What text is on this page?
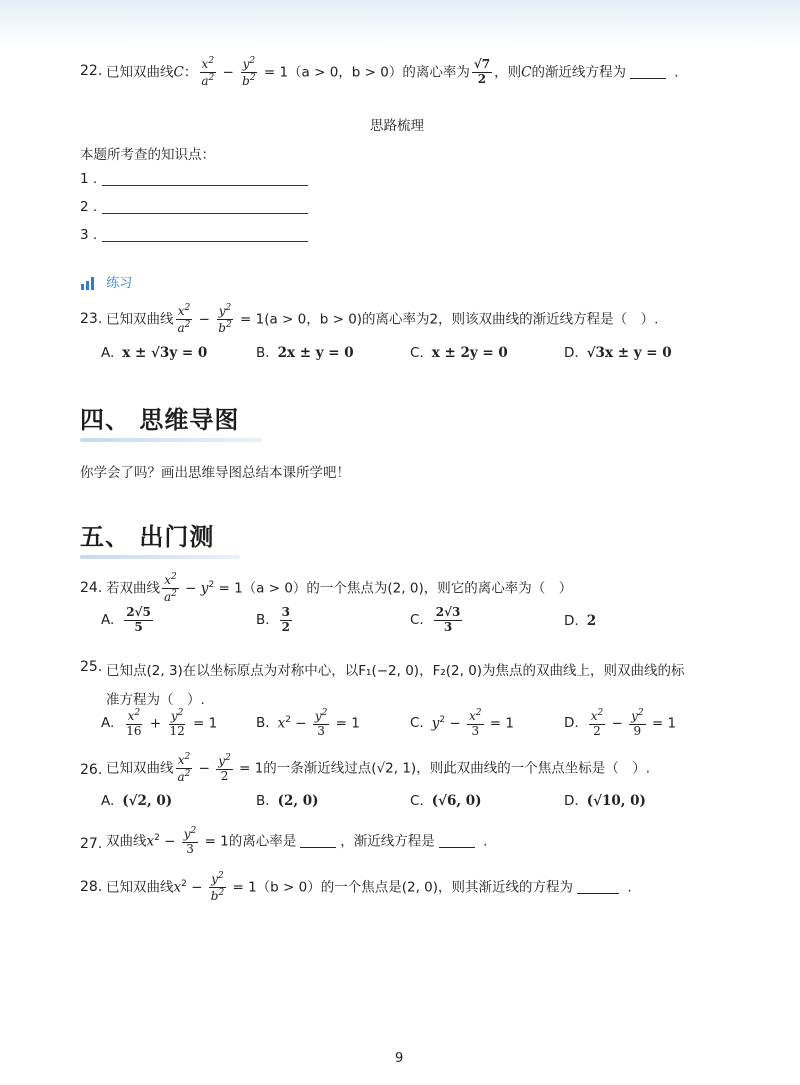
22. 已知双曲线C： $\frac{x^2}{a^2} - \frac{y^2}{b^2} = 1(a > 0$，b > 0）的离心率为 $\frac{√7}{2}$ ，则C的渐近线方程为	.
思路梳理
本题所考查的知识点：
1 .
2 .
3 .
练习
23. 已知双曲线 $\frac{x^2}{a^2} - \frac{y^2}{b^2} = 1(a > 0$，b > 0)的离心率为2，则该双曲线的渐近线方程是（　）.
A. x ± √3y = 0	B. 2x ± y = 0	C. x ± 2y = 0	D. √3x ± y = 0
四、 思维导图
你学会了吗？画出思维导图总结本课所学吧！
五、 出门测
24. 若双曲线 $\frac{x^2}{a^2} - y^2 = 1(a > 0)$的一个焦点为(2, 0)，则它的离心率为（　）
A. $\frac{2√5}{5}$	B. $\frac{3}{2}$	C. $\frac{2√3}{3}$	D. 2
25. 已知点(2, 3)在以坐标原点为对称中心，以F₁(−2, 0)，F₂(2, 0)为焦点的双曲线上，则双曲线的标
准方程为（　）.
A. $\frac{x^2}{16} + \frac{y^2}{12} = 1$	B. $x^2 - \frac{y^2}{3} = 1$	C. $y^2 - \frac{x^2}{3} = 1$	D. $\frac{x^2}{2} - \frac{y^2}{9} = 1$
26. 已知双曲线 $\frac{x^2}{a^2} - \frac{y^2}{2} = 1$的一条渐近线过点(√2, 1)，则此双曲线的一个焦点坐标是（　）.
A. (√2, 0)	B. (2, 0)	C. (√6, 0)	D. (√10, 0)
27. 双曲线$x^2 - \frac{y^2}{3} = 1$的离心率是	，渐近线方程是	.
28. 已知双曲线$x^2 - \frac{y^2}{b^2} = 1(b > 0)$的一个焦点是(2, 0)，则其渐近线的方程为	.
9
